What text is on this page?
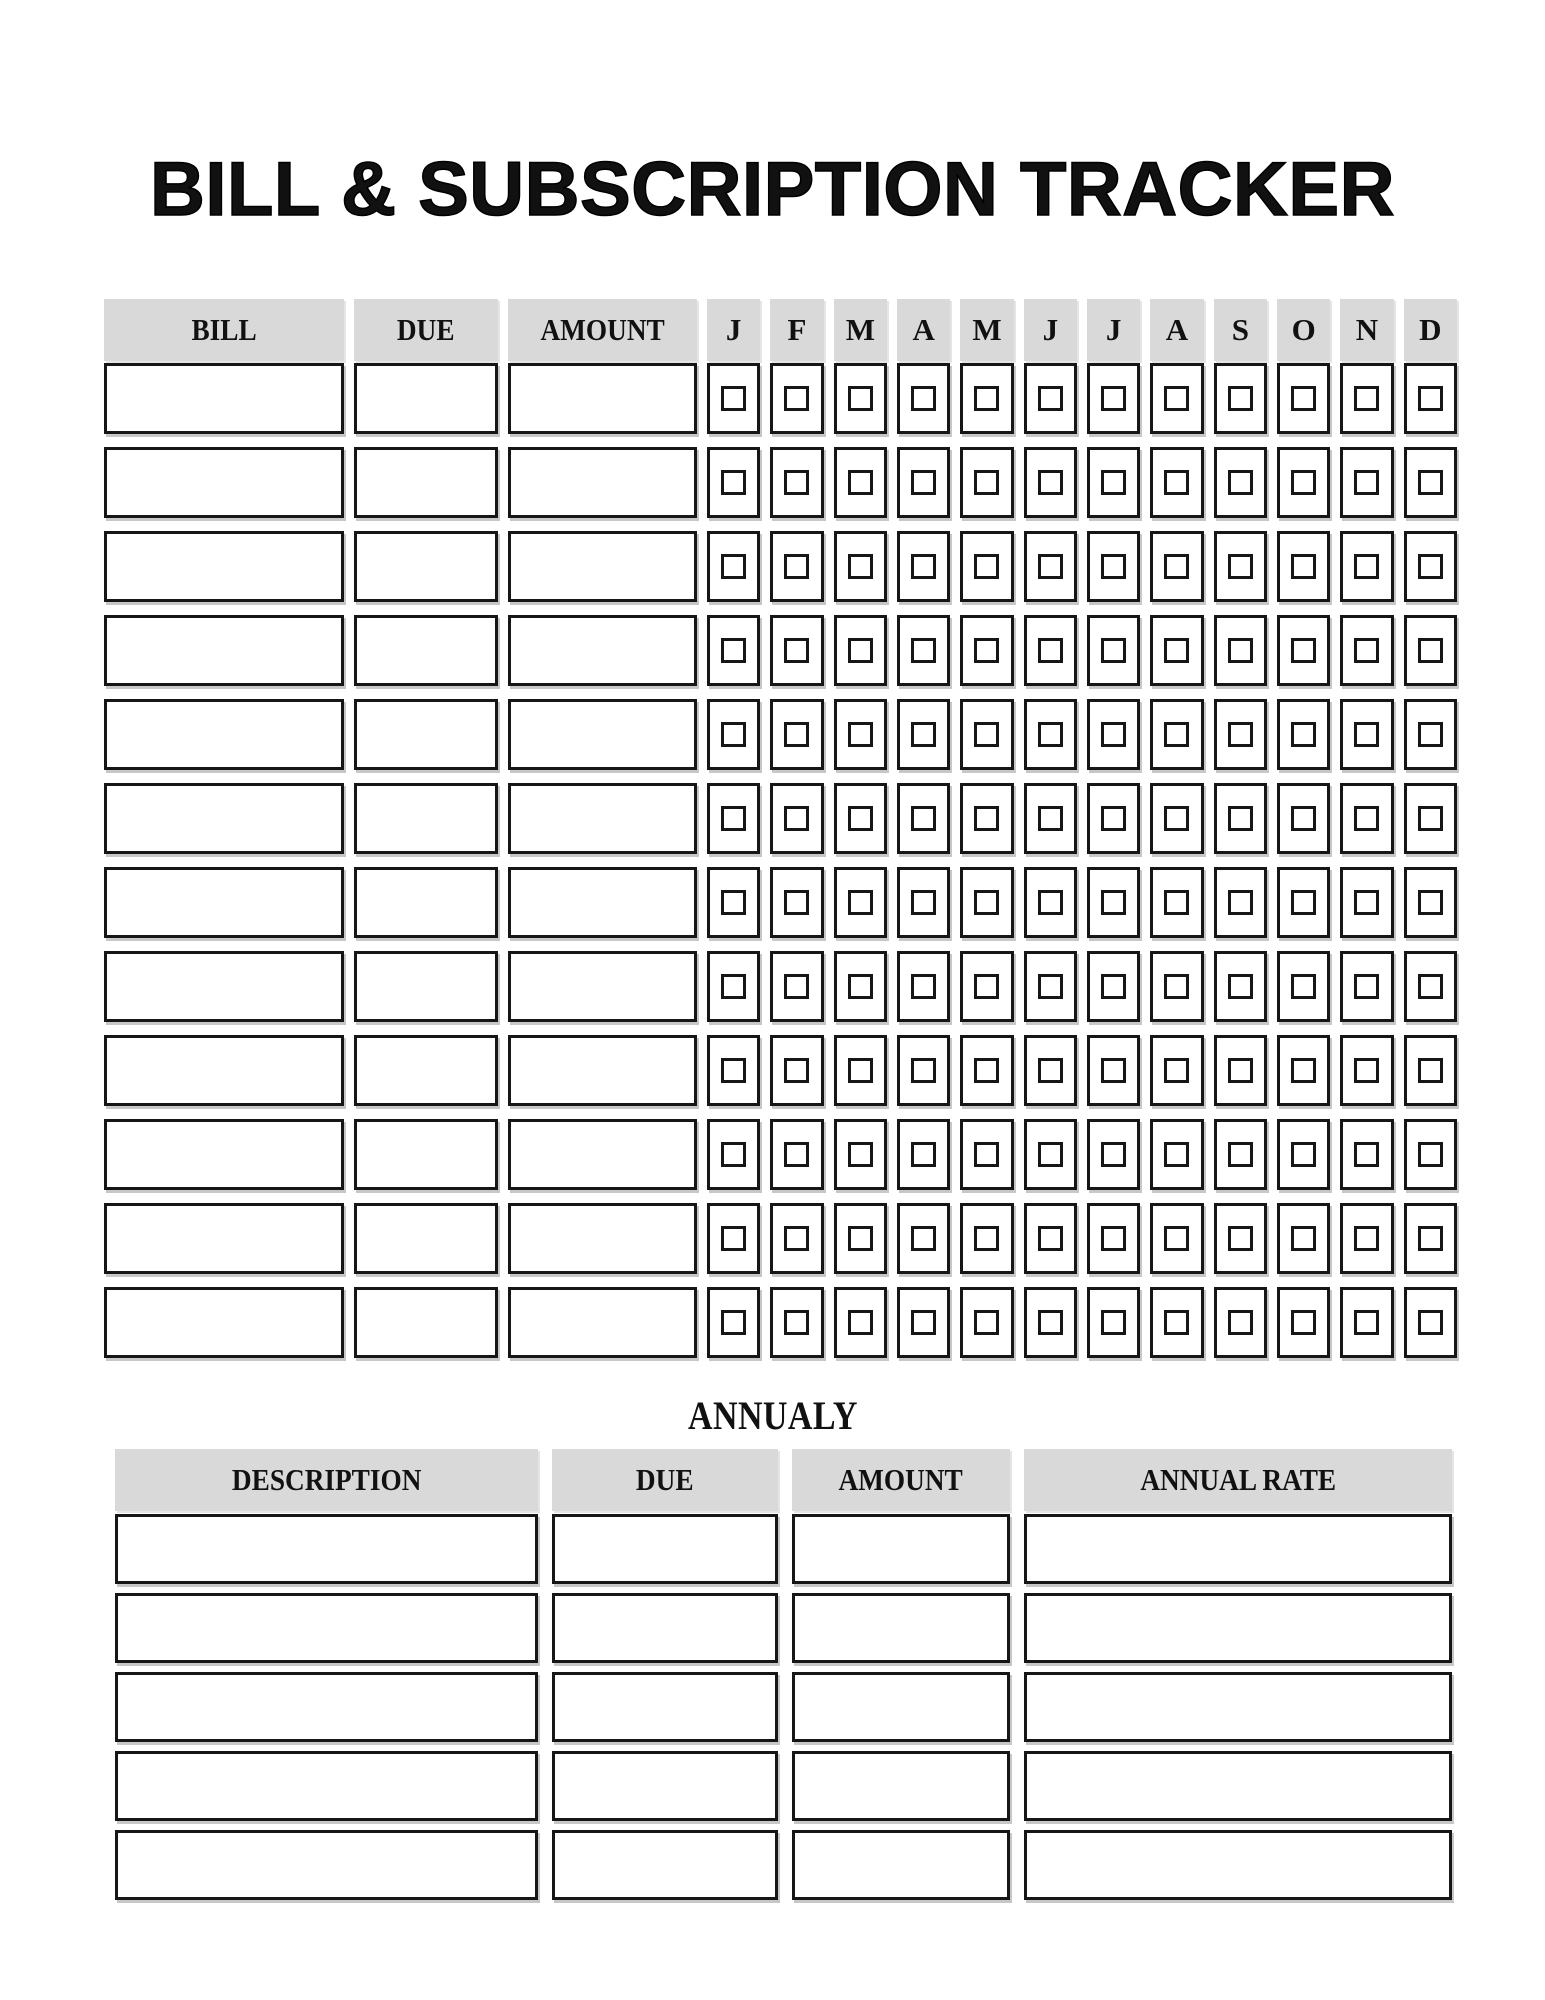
BILL & SUBSCRIPTION TRACKER
BILL	DUE	AMOUNT	J	F	M	A	M	J	J	A	S	O	N	D
ANNUALY
DESCRIPTION	DUE	AMOUNT	ANNUAL RATE
